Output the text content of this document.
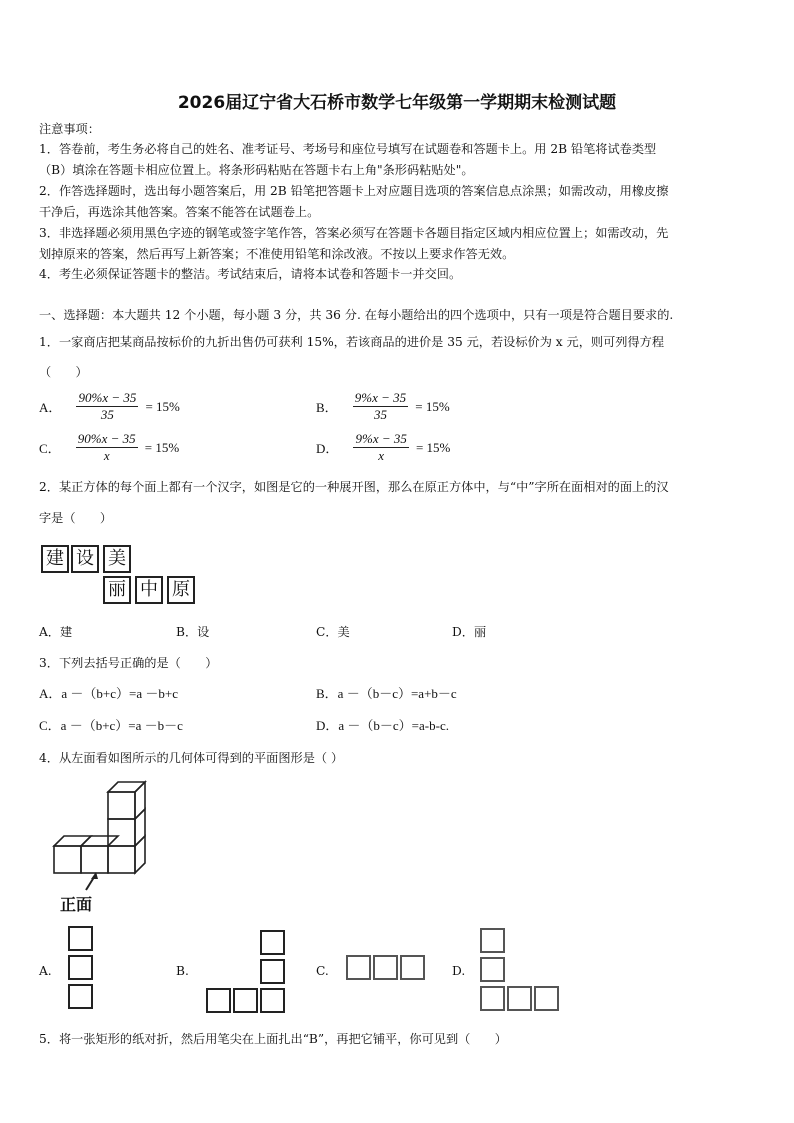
2026届辽宁省大石桥市数学七年级第一学期期末检测试题
注意事项：
1．答卷前，考生务必将自己的姓名、准考证号、考场号和座位号填写在试题卷和答题卡上。用 2B 铅笔将试卷类型
（B）填涂在答题卡相应位置上。将条形码粘贴在答题卡右上角"条形码粘贴处"。
2．作答选择题时，选出每小题答案后，用 2B 铅笔把答题卡上对应题目选项的答案信息点涂黑；如需改动，用橡皮擦
干净后，再选涂其他答案。答案不能答在试题卷上。
3．非选择题必须用黑色字迹的钢笔或签字笔作答，答案必须写在答题卡各题目指定区域内相应位置上；如需改动，先
划掉原来的答案，然后再写上新答案；不准使用铅笔和涂改液。不按以上要求作答无效。
4．考生必须保证答题卡的整洁。考试结束后，请将本试卷和答题卡一并交回。
一、选择题：本大题共 12 个小题，每小题 3 分，共 36 分. 在每小题给出的四个选项中，只有一项是符合题目要求的.
1．一家商店把某商品按标价的九折出售仍可获利 15%，若该商品的进价是 35 元，若设标价为 x 元，则可列得方程
（　　）
A． $\frac{90\%x - 35}{35} = 15\%$	B． $\frac{9\%x - 35}{35} = 15\%$
C． $\frac{90\%x - 35}{x} = 15\%$	D． $\frac{9\%x - 35}{x} = 15\%$
2．某正方体的每个面上都有一个汉字，如图是它的一种展开图，那么在原正方体中，与“中”字所在面相对的面上的汉
字是（　　）
建 设 美
丽 中 原
A．建	B．设	C．美	D．丽
3．下列去括号正确的是（　　）
A．a －（b+c）=a －b+c	B．a －（b－c）=a+b－c
C．a －（b+c）=a －b－c	D．a －（b－c）=a-b-c.
4．从左面看如图所示的几何体可得到的平面图形是（ ）
正面
A.	B.	C.	D.
5．将一张矩形的纸对折，然后用笔尖在上面扎出“B”，再把它铺平，你可见到（　　）
